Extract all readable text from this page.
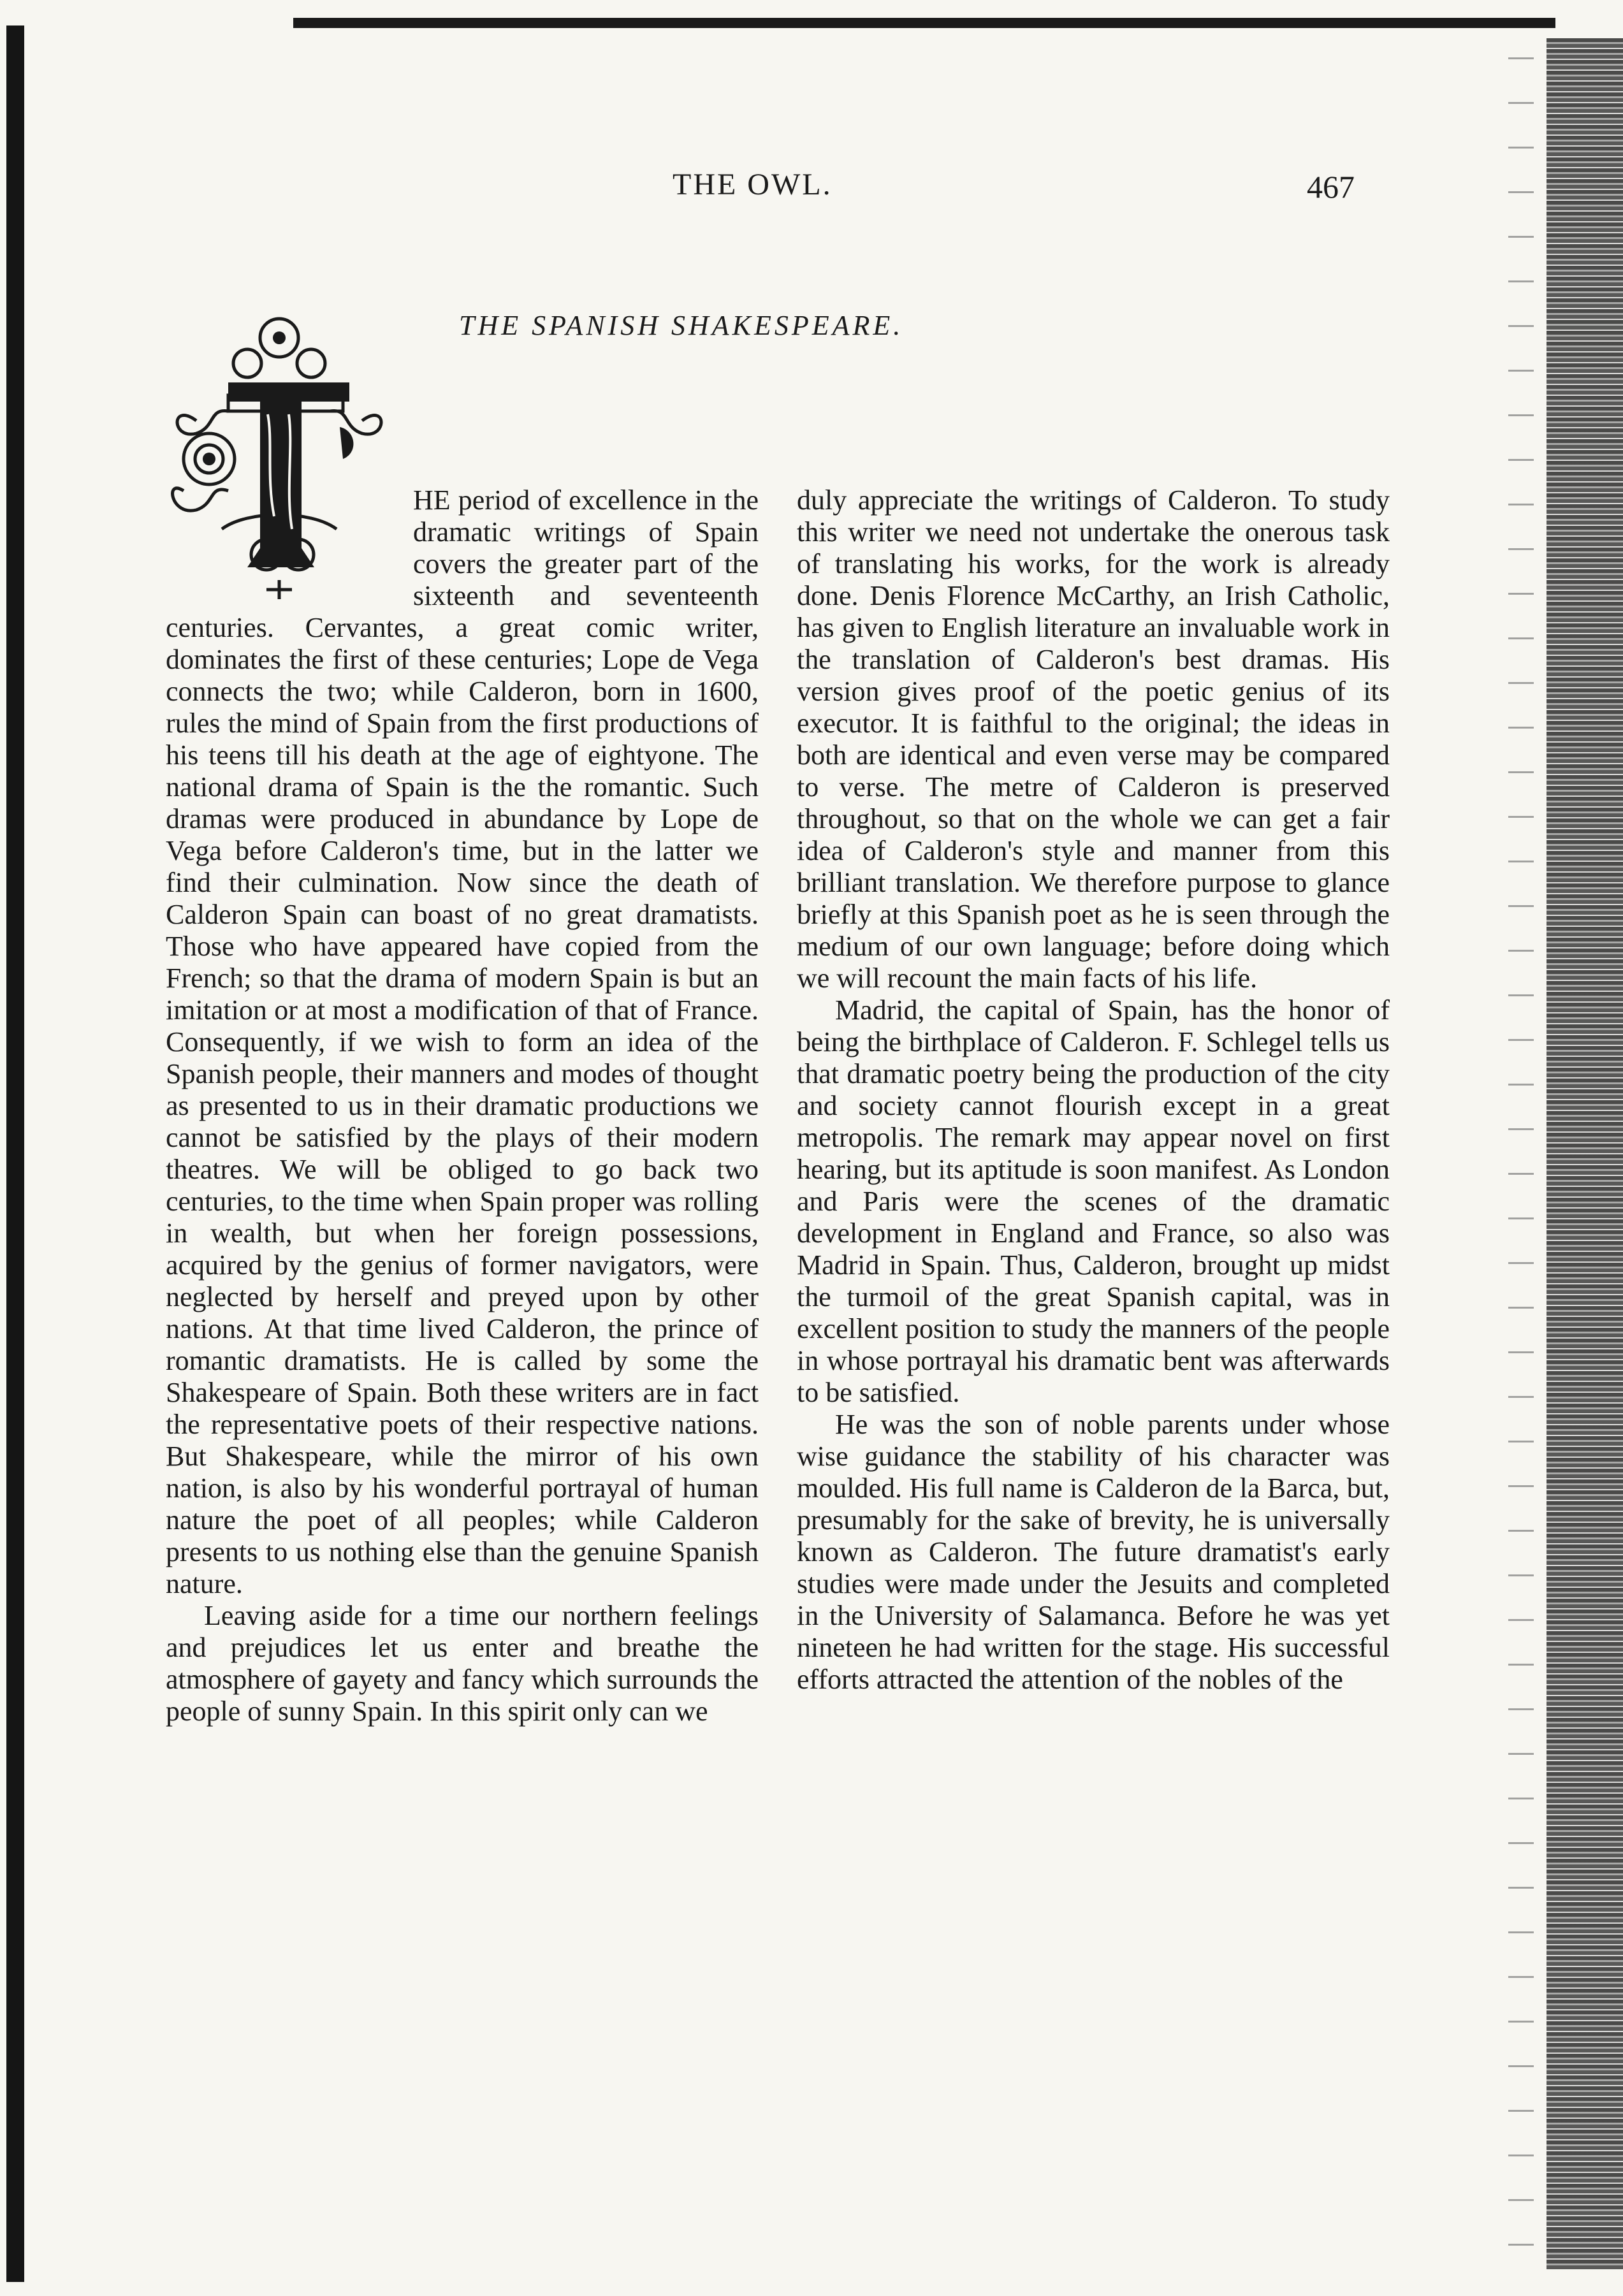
THE OWL.	467
THE SPANISH SHAKESPEARE.

HE period of excellence in the dramatic writings of Spain covers the greater part of the sixteenth and seventeenth centuries. Cervantes, a great comic writer, dominates the first of these centuries; Lope de Vega connects the two; while Calderon, born in 1600, rules the mind of Spain from the first productions of his teens till his death at the age of eightyone. The national drama of Spain is the the romantic. Such dramas were produced in abundance by Lope de Vega before Calderon's time, but in the latter we find their culmination. Now since the death of Calderon Spain can boast of no great dramatists. Those who have appeared have copied from the French; so that the drama of modern Spain is but an imitation or at most a modification of that of France. Consequently, if we wish to form an idea of the Spanish people, their manners and modes of thought as presented to us in their dramatic productions we cannot be satisfied by the plays of their modern theatres. We will be obliged to go back two centuries, to the time when Spain proper was rolling in wealth, but when her foreign possessions, acquired by the genius of former navigators, were neglected by herself and preyed upon by other nations. At that time lived Calderon, the prince of romantic dramatists. He is called by some the Shakespeare of Spain. Both these writers are in fact the representative poets of their respective nations. But Shakespeare, while the mirror of his own nation, is also by his wonderful portrayal of human nature the poet of all peoples; while Calderon presents to us nothing else than the genuine Spanish nature.

Leaving aside for a time our northern feelings and prejudices let us enter and breathe the atmosphere of gayety and fancy which surrounds the people of sunny Spain. In this spirit only can we

duly appreciate the writings of Calderon. To study this writer we need not undertake the onerous task of translating his works, for the work is already done. Denis Florence McCarthy, an Irish Catholic, has given to English literature an invaluable work in the translation of Calderon's best dramas. His version gives proof of the poetic genius of its executor. It is faithful to the original; the ideas in both are identical and even verse may be compared to verse. The metre of Calderon is preserved throughout, so that on the whole we can get a fair idea of Calderon's style and manner from this brilliant translation. We therefore purpose to glance briefly at this Spanish poet as he is seen through the medium of our own language; before doing which we will recount the main facts of his life.

Madrid, the capital of Spain, has the honor of being the birthplace of Calderon. F. Schlegel tells us that dramatic poetry being the production of the city and society cannot flourish except in a great metropolis. The remark may appear novel on first hearing, but its aptitude is soon manifest. As London and Paris were the scenes of the dramatic development in England and France, so also was Madrid in Spain. Thus, Calderon, brought up midst the turmoil of the great Spanish capital, was in excellent position to study the manners of the people in whose portrayal his dramatic bent was afterwards to be satisfied.

He was the son of noble parents under whose wise guidance the stability of his character was moulded. His full name is Calderon de la Barca, but, presumably for the sake of brevity, he is universally known as Calderon. The future dramatist's early studies were made under the Jesuits and completed in the University of Salamanca. Before he was yet nineteen he had written for the stage. His successful efforts attracted the attention of the nobles of the
